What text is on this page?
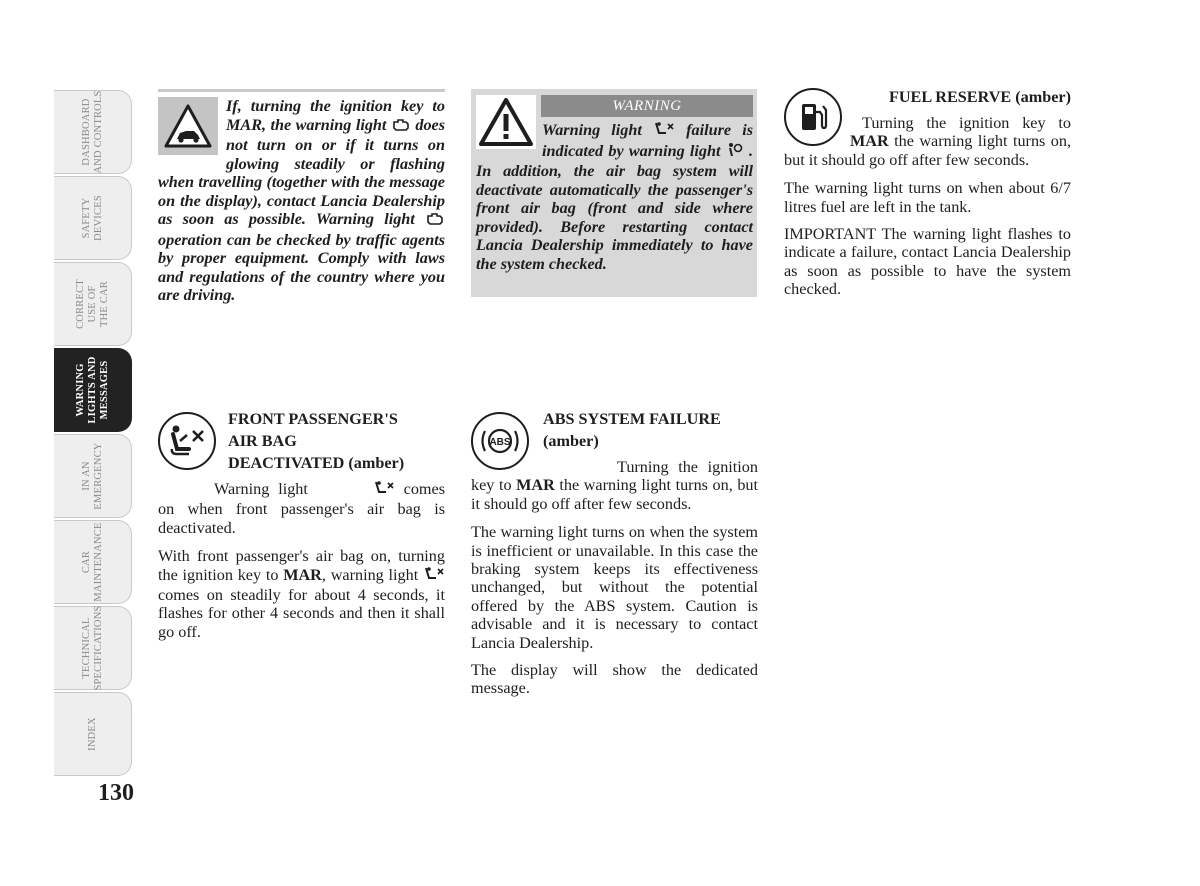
DASHBOARD
AND CONTROLS
SAFETY
DEVICES
CORRECT
USE OF
THE CAR
WARNING
LIGHTS AND
MESSAGES
IN AN
EMERGENCY
CAR
MAINTENANCE
TECHNICAL
SPECIFICATIONS
INDEX
130

If, turning the ignition key to MAR, the warning light does not turn on or if it turns on glowing steadily or flashing when travelling (together with the message on the display), contact Lancia Dealership as soon as possible. Warning light  operation can be checked by traffic agents by proper equipment. Comply with laws and regulations of the country where you are driving.

WARNING

Warning light	failure is indicated by warning light . In addition, the air bag system will deactivate automatically the passenger's front air bag (front and side where provided). Before restarting contact Lancia Dealership immediately to have the system checked.

FUEL RESERVE (amber)

Turning the ignition key to MAR the warning light turns on, but it should go off after few seconds.

The warning light turns on when about 6/7 litres fuel are left in the tank.

IMPORTANT The warning light flashes to indicate a failure, contact Lancia Dealership as soon as possible to have the system checked.

FRONT PASSENGER'S
AIR BAG
DEACTIVATED (amber)

Warning light	comes on when front passenger's air bag is deactivated.

With front passenger's air bag on, turning the ignition key to MAR, warning light  comes on steadily for about 4 seconds, it flashes for other 4 seconds and then it shall go off.

ABS

ABS SYSTEM FAILURE
(amber)

Turning the ignition key to MAR the warning light turns on, but it should go off after few seconds.

The warning light turns on when the system is inefficient or unavailable. In this case the braking system keeps its effectiveness unchanged, but without the potential offered by the ABS system. Caution is advisable and it is necessary to contact Lancia Dealership.

The display will show the dedicated message.
